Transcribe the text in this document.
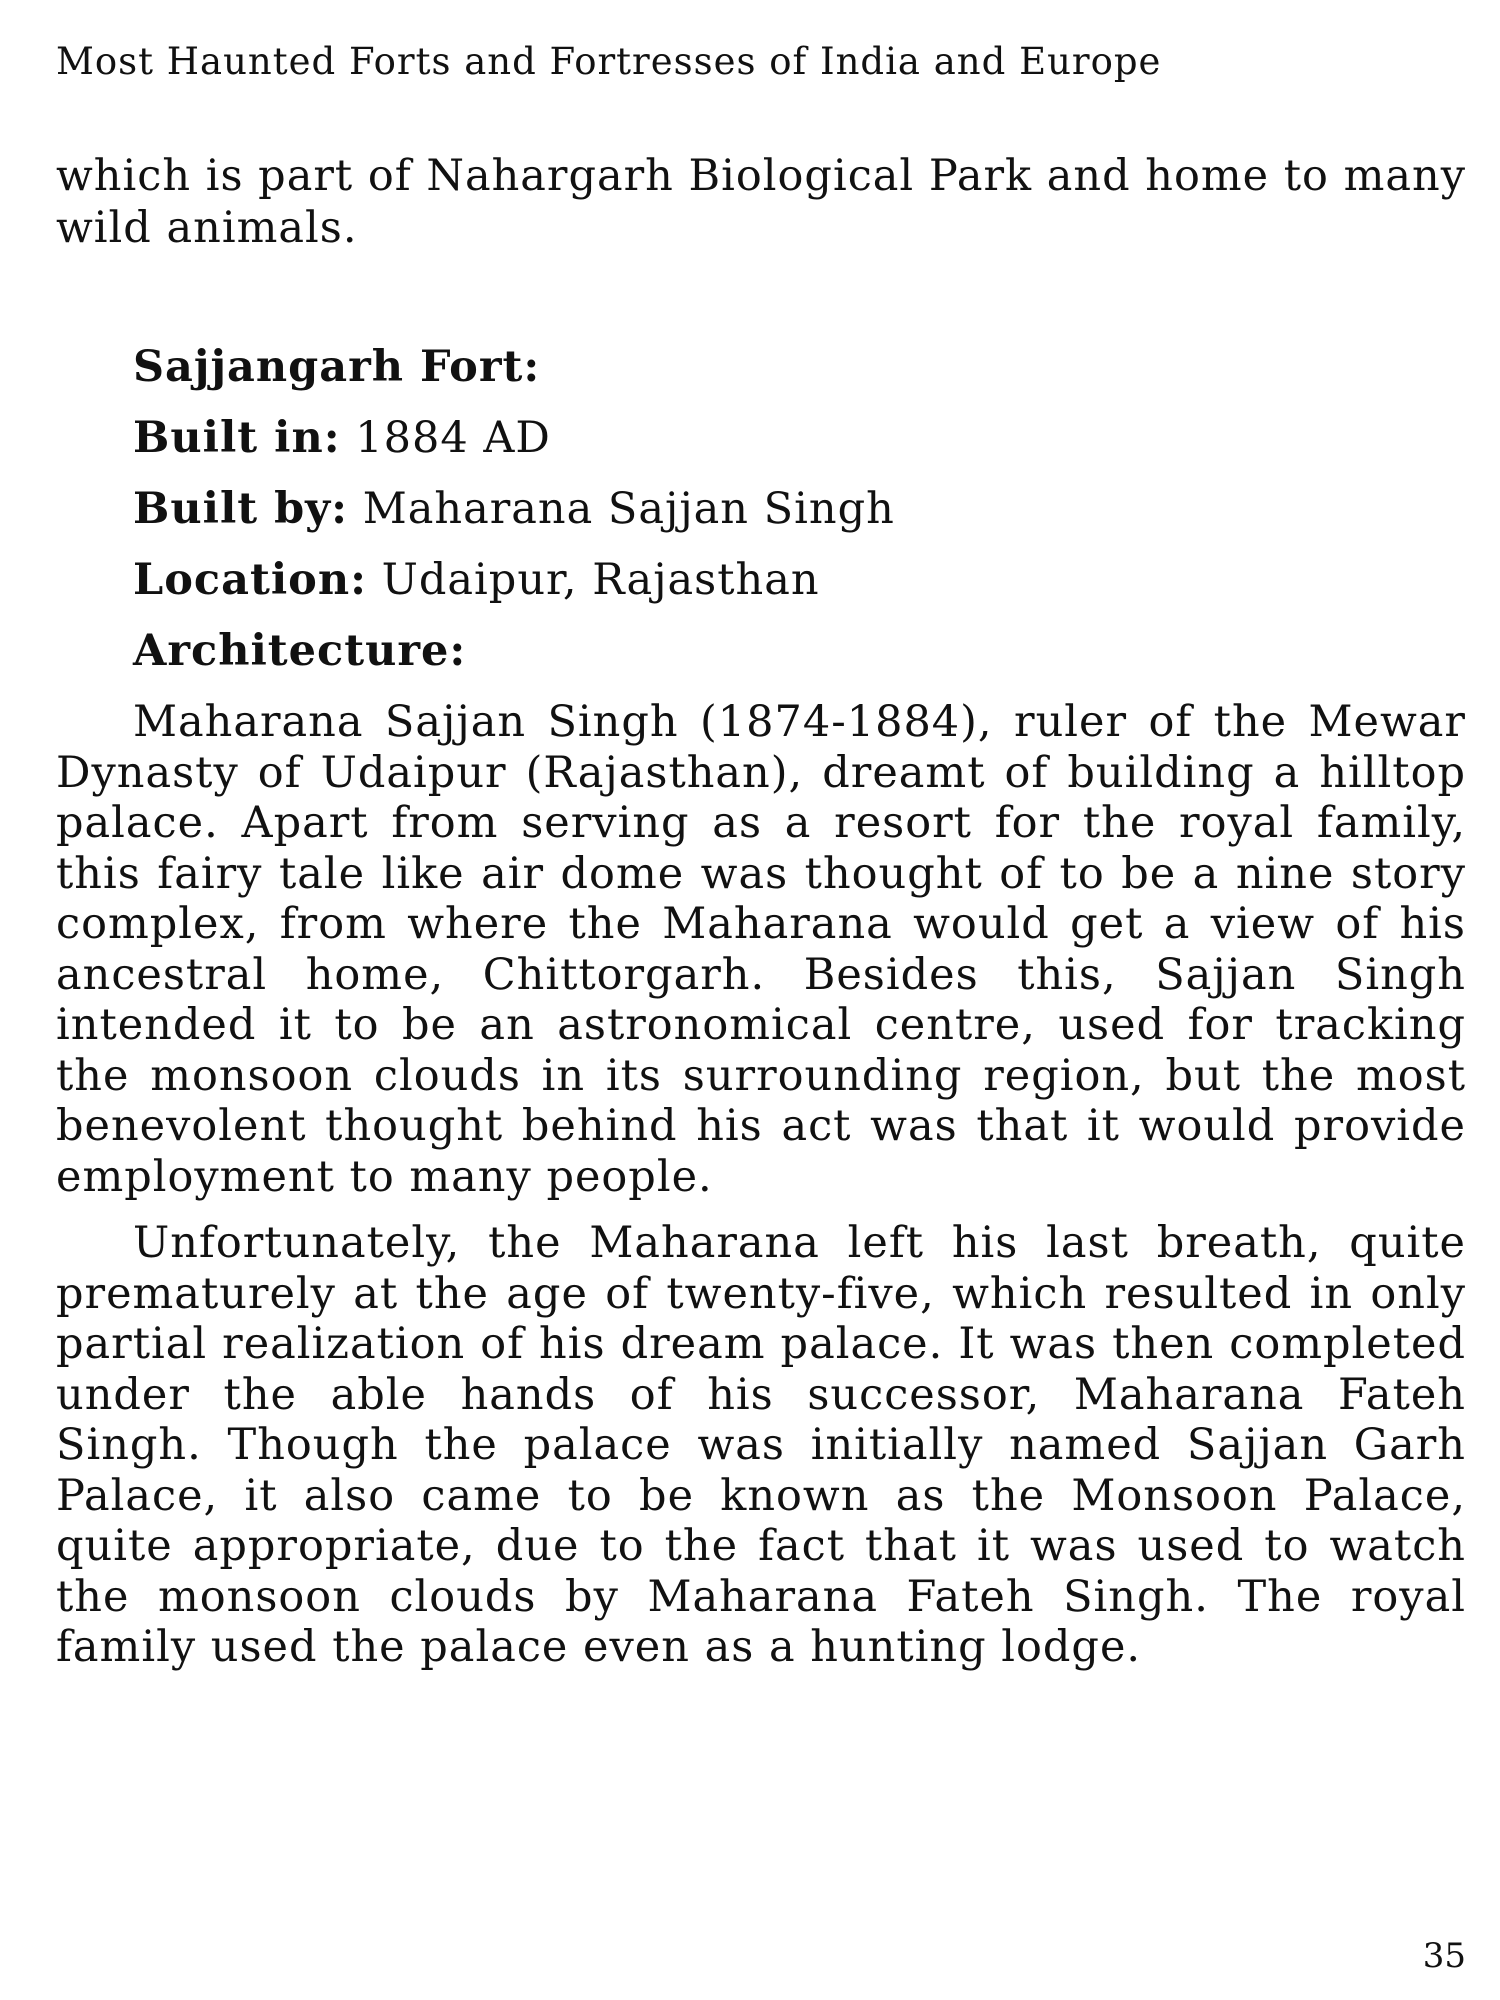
Most Haunted Forts and Fortresses of India and Europe

which is part of Nahargarh Biological Park and home to many wild animals.

Sajjangarh Fort:

Built in: 1884 AD

Built by: Maharana Sajjan Singh

Location: Udaipur, Rajasthan

Architecture:

Maharana Sajjan Singh (1874-1884), ruler of the Mewar Dynasty of Udaipur (Rajasthan), dreamt of building a hilltop palace. Apart from serving as a resort for the royal family, this fairy tale like air dome was thought of to be a nine story complex, from where the Maharana would get a view of his ancestral home, Chittorgarh. Besides this, Sajjan Singh intended it to be an astronomical centre, used for tracking the monsoon clouds in its surrounding region, but the most benevolent thought behind his act was that it would provide employment to many people.

Unfortunately, the Maharana left his last breath, quite prematurely at the age of twenty-five, which resulted in only partial realization of his dream palace. It was then completed under the able hands of his successor, Maharana Fateh Singh. Though the palace was initially named Sajjan Garh Palace, it also came to be known as the Monsoon Palace, quite appropriate, due to the fact that it was used to watch the monsoon clouds by Maharana Fateh Singh. The royal family used the palace even as a hunting lodge.

35
